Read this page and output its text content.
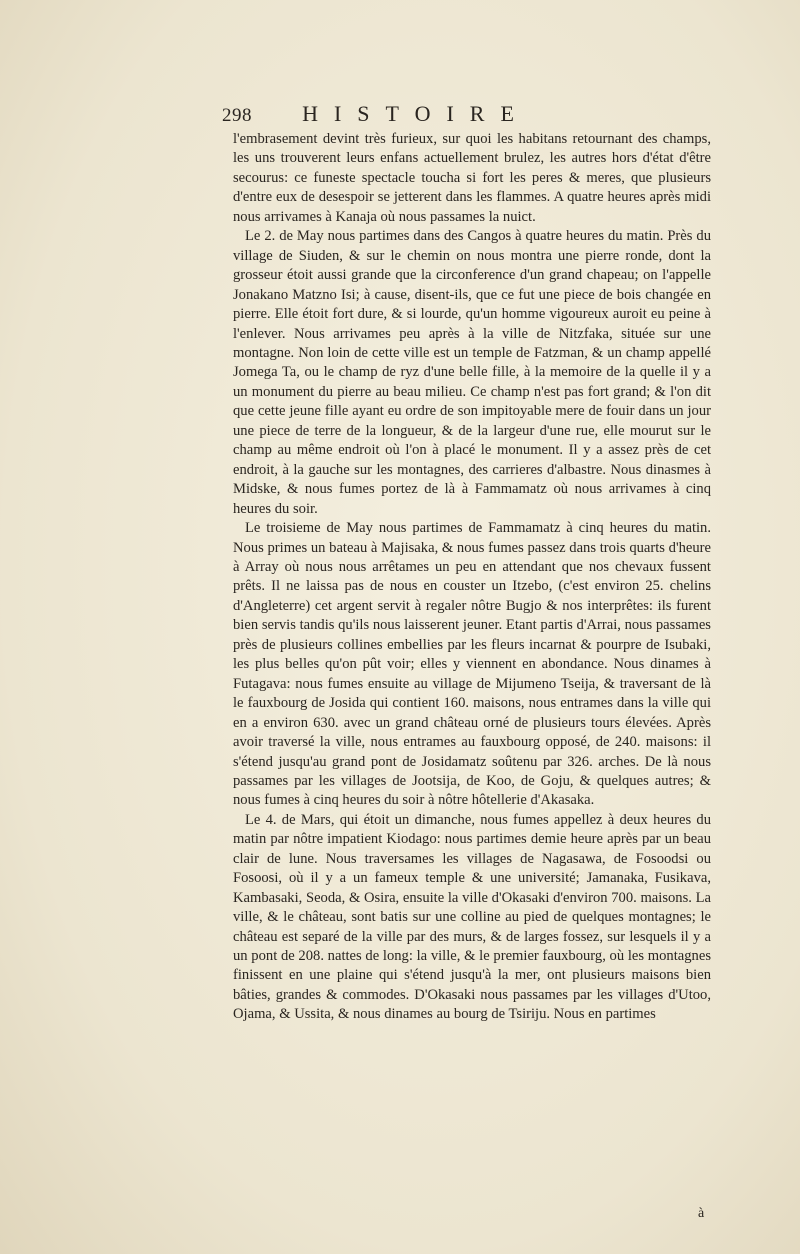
298	HISTOIRE

l'embrasement devint très furieux, sur quoi les habitans retournant des champs, les uns trouverent leurs enfans actuellement brulez, les autres hors d'état d'être secourus: ce funeste spectacle toucha si fort les peres & meres, que plusieurs d'entre eux de desespoir se jetterent dans les flammes. A quatre heures après midi nous arrivames à Kanaja où nous passames la nuict.

Le 2. de May nous partimes dans des Cangos à quatre heures du matin. Près du village de Siuden, & sur le chemin on nous montra une pierre ronde, dont la grosseur étoit aussi grande que la circonference d'un grand chapeau; on l'appelle Jonakano Matzno Isi; à cause, disent-ils, que ce fut une piece de bois changée en pierre. Elle étoit fort dure, & si lourde, qu'un homme vigoureux auroit eu peine à l'enlever. Nous arrivames peu après à la ville de Nitzfaka, située sur une montagne. Non loin de cette ville est un temple de Fatzman, & un champ appellé Jomega Ta, ou le champ de ryz d'une belle fille, à la memoire de la quelle il y a un monument du pierre au beau milieu. Ce champ n'est pas fort grand; & l'on dit que cette jeune fille ayant eu ordre de son impitoyable mere de fouir dans un jour une piece de terre de la longueur, & de la largeur d'une rue, elle mourut sur le champ au même endroit où l'on à placé le monument. Il y a assez près de cet endroit, à la gauche sur les montagnes, des carrieres d'albastre. Nous dinasmes à Midske, & nous fumes portez de là à Fammamatz où nous arrivames à cinq heures du soir.

Le troisieme de May nous partimes de Fammamatz à cinq heures du matin. Nous primes un bateau à Majisaka, & nous fumes passez dans trois quarts d'heure à Array où nous nous arrêtames un peu en attendant que nos chevaux fussent prêts. Il ne laissa pas de nous en couster un Itzebo, (c'est environ 25. chelins d'Angleterre) cet argent servit à regaler nôtre Bugjo & nos interprêtes: ils furent bien servis tandis qu'ils nous laisserent jeuner. Etant partis d'Arrai, nous passames près de plusieurs collines embellies par les fleurs incarnat & pourpre de Isubaki, les plus belles qu'on pût voir; elles y viennent en abondance. Nous dinames à Futagava: nous fumes ensuite au village de Mijumeno Tseija, & traversant de là le fauxbourg de Josida qui contient 160. maisons, nous entrames dans la ville qui en a environ 630. avec un grand château orné de plusieurs tours élevées. Après avoir traversé la ville, nous entrames au fauxbourg opposé, de 240. maisons: il s'étend jusqu'au grand pont de Josidamatz soûtenu par 326. arches. De là nous passames par les villages de Jootsija, de Koo, de Goju, & quelques autres; & nous fumes à cinq heures du soir à nôtre hôtellerie d'Akasaka.

Le 4. de Mars, qui étoit un dimanche, nous fumes appellez à deux heures du matin par nôtre impatient Kiodago: nous partimes demie heure après par un beau clair de lune. Nous traversames les villages de Nagasawa, de Fosoodsi ou Fosoosi, où il y a un fameux temple & une université; Jamanaka, Fusikava, Kambasaki, Seoda, & Osira, ensuite la ville d'Okasaki d'environ 700. maisons. La ville, & le château, sont batis sur une colline au pied de quelques montagnes; le château est separé de la ville par des murs, & de larges fossez, sur lesquels il y a un pont de 208. nattes de long: la ville, & le premier fauxbourg, où les montagnes finissent en une plaine qui s'étend jusqu'à la mer, ont plusieurs maisons bien bâties, grandes & commodes. D'Okasaki nous passames par les villages d'Utoo, Ojama, & Ussita, & nous dinames au bourg de Tsiriju. Nous en partimes

à
